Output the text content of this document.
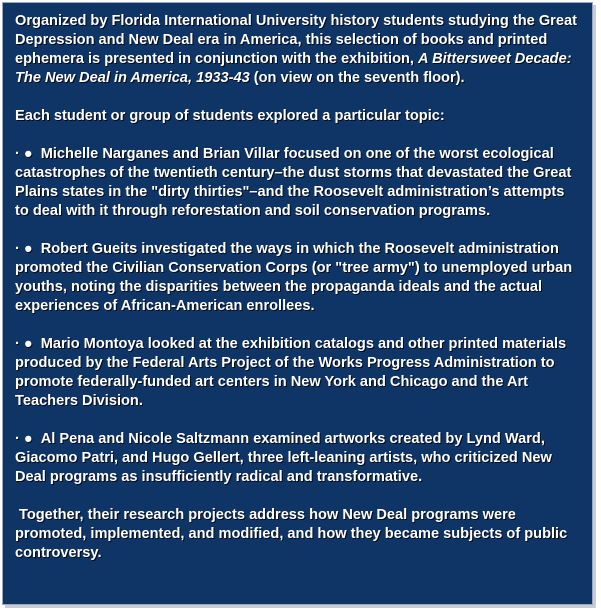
Organized by Florida International University history students studying the Great Depression and New Deal era in America, this selection of books and printed ephemera is presented in conjunction with the exhibition, A Bittersweet Decade: The New Deal in America, 1933-43 (on view on the seventh floor).

Each student or group of students explored a particular topic:

· ● Michelle Narganes and Brian Villar focused on one of the worst ecological catastrophes of the twentieth century–the dust storms that devastated the Great Plains states in the "dirty thirties"–and the Roosevelt administration’s attempts to deal with it through reforestation and soil conservation programs.

· ● Robert Gueits investigated the ways in which the Roosevelt administration promoted the Civilian Conservation Corps (or "tree army") to unemployed urban youths, noting the disparities between the propaganda ideals and the actual experiences of African-American enrollees.

· ● Mario Montoya looked at the exhibition catalogs and other printed materials produced by the Federal Arts Project of the Works Progress Administration to promote federally-funded art centers in New York and Chicago and the Art Teachers Division.

· ● Al Pena and Nicole Saltzmann examined artworks created by Lynd Ward, Giacomo Patri, and Hugo Gellert, three left-leaning artists, who criticized New Deal programs as insufficiently radical and transformative.

Together, their research projects address how New Deal programs were promoted, implemented, and modified, and how they became subjects of public controversy.
